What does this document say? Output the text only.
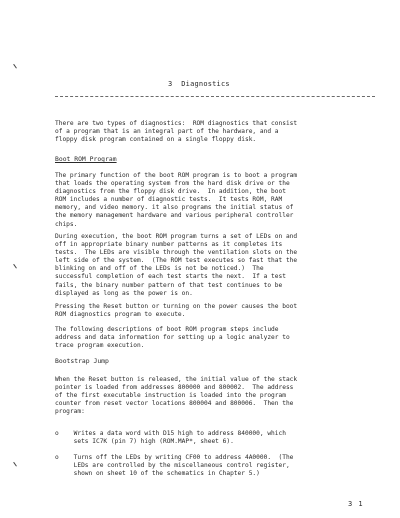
3  Diagnostics
There are two types of diagnostics:  ROM diagnostics that consist
of a program that is an integral part of the hardware, and a
floppy disk program contained on a single floppy disk.
Boot ROM Program
The primary function of the boot ROM program is to boot a program
that loads the operating system from the hard disk drive or the
diagnostics from the floppy disk drive.  In addition, the boot
ROM includes a number of diagnostic tests.  It tests ROM, RAM
memory, and video memory. it also programs the initial status of
the memory management hardware and various peripheral controller
chips.
During execution, the boot ROM program turns a set of LEDs on and
off in appropriate binary number patterns as it completes its
tests.  The LEDs are visible through the ventilation slots on the
left side of the system.  (The ROM test executes so fast that the
blinking on and off of the LEDs is not be noticed.)  The
successful completion of each test starts the next.  If a test
fails, the binary number pattern of that test continues to be
displayed as long as the power is on.
Pressing the Reset button or turning on the power causes the boot
ROM diagnostics program to execute.
The following descriptions of boot ROM program steps include
address and data information for setting up a logic analyzer to
trace program execution.
Bootstrap Jump
When the Reset button is released, the initial value of the stack
pointer is loaded from addresses 800000 and 800002.  The address
of the first executable instruction is loaded into the program
counter from reset vector locations 800004 and 800006.  Then the
program:
o    Writes a data word with D15 high to address 840000, which
sets IC7K (pin 7) high (ROM.MAP*, sheet 6).
o    Turns off the LEDs by writing CF00 to address 4A0000.  (The
LEDs are controlled by the miscellaneous control register,
shown on sheet 10 of the schematics in Chapter 5.)
3 1
